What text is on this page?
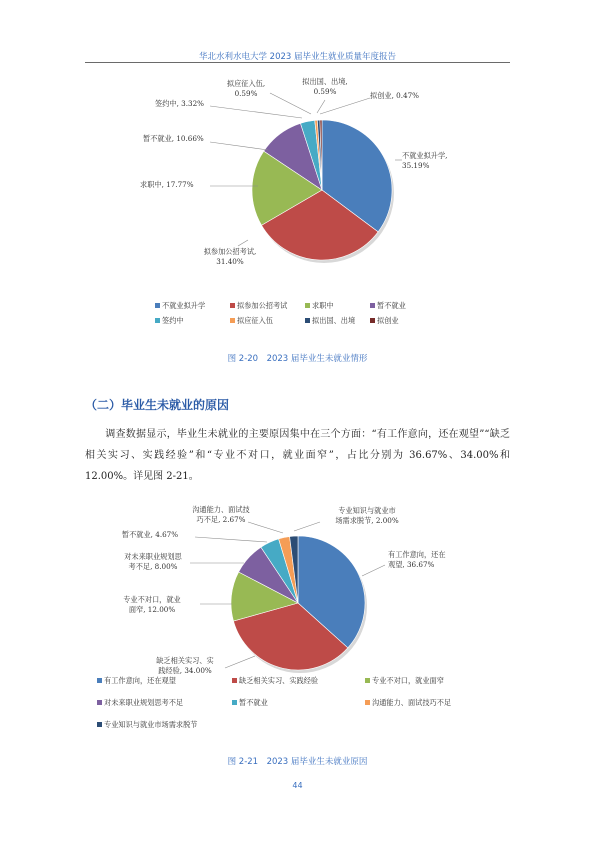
华北水利水电大学 2023 届毕业生就业质量年度报告
不就业拟升学, 35.19%
拟参加公招考试, 31.40%
求职中, 17.77%
暂不就业, 10.66%
签约中, 3.32%
拟应征入伍, 0.59%
拟出国、出境, 0.59%	拟创业, 0.47%
不就业拟升学	拟参加公招考试	求职中	暂不就业
签约中	拟应征入伍	拟出国、出境	拟创业
图 2-20　2023 届毕业生未就业情形
（二）毕业生未就业的原因
调查数据显示，毕业生未就业的主要原因集中在三个方面：“有工作意向，还在观望”“缺乏相关实习、实践经验”和“专业不对口，就业面窄”，占比分别为 36.67%、34.00%和 12.00%。详见图 2-21。
有工作意向，还在观望, 36.67%
缺乏相关实习、实践经验, 34.00%
专业不对口，就业面窄, 12.00%
对未来职业规划思考不足, 8.00%
暂不就业, 4.67%
沟通能力、面试技巧不足, 2.67%
专业知识与就业市场需求脱节, 2.00%
有工作意向，还在观望	缺乏相关实习、实践经验	专业不对口，就业面窄
对未来职业规划思考不足	暂不就业	沟通能力、面试技巧不足
专业知识与就业市场需求脱节
图 2-21　2023 届毕业生未就业原因
44
